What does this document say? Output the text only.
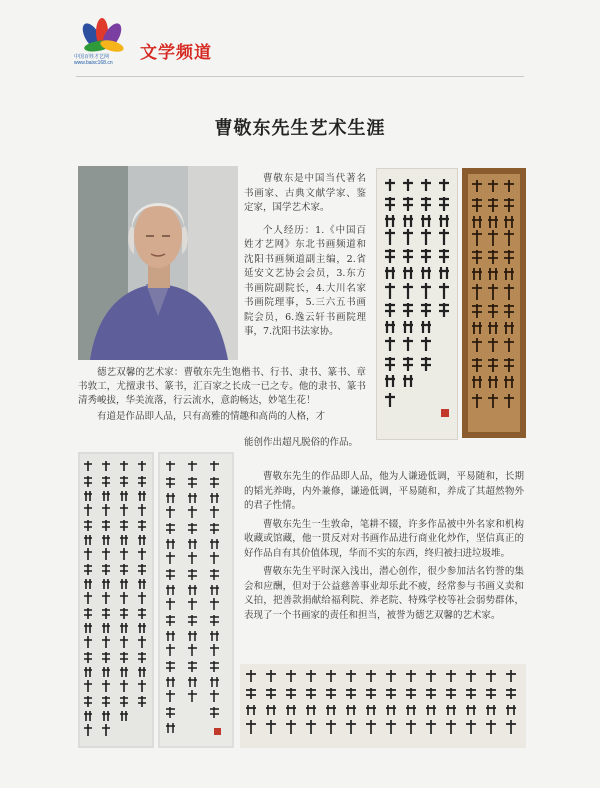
中国百姓才艺网
www.baixc168.cn 文学频道
曹敬东先生艺术生涯

曹敬东是中国当代著名书画家、古典文献学家、鉴定家，国学艺术家。

个人经历：1.《中国百姓才艺网》东北书画频道和沈阳书画频道副主编，2.省延安文艺协会会员，3.东方书画院副院长，4.大川名家书画院理事，5.三六五书画院会员，6.逸云轩书画院理事，7.沈阳书法家协。

德艺双馨的艺术家：曹敬东先生饱楷书、行书、隶书、篆书、章书敦工，尤擅隶书、篆书，汇百家之长成一已之专。他的隶书、篆书清秀峻拔，华美流落，行云流水，意韵畅达，妙笔生花！

有道是作品即人品，只有高雅的情趣和高尚的人格，才

能创作出超凡脱俗的作品。

曹敬东先生的作品即人品，他为人谦逊低调，平易随和，长期的韬光养晦，内外兼修，谦逊低调，平易随和，养成了其超然物外的君子性情。

曹敬东先生一生敦命，笔耕不辍，许多作品被中外名家和机构收藏或馆藏，他一贯反对对书画作品进行商业化炒作，坚信真正的好作品自有其价值体现，华而不实的东西，终归被扫进垃圾堆。

曹敬东先生平时深入浅出，潜心创作，很少参加沽名钓誉的集会和应酬，但对于公益慈善事业却乐此不疲，经常参与书画义卖和义拍，把善款捐献给福利院、养老院、特殊学校等社会弱势群体，表现了一个书画家的责任和担当，被誉为德艺双馨的艺术家。
